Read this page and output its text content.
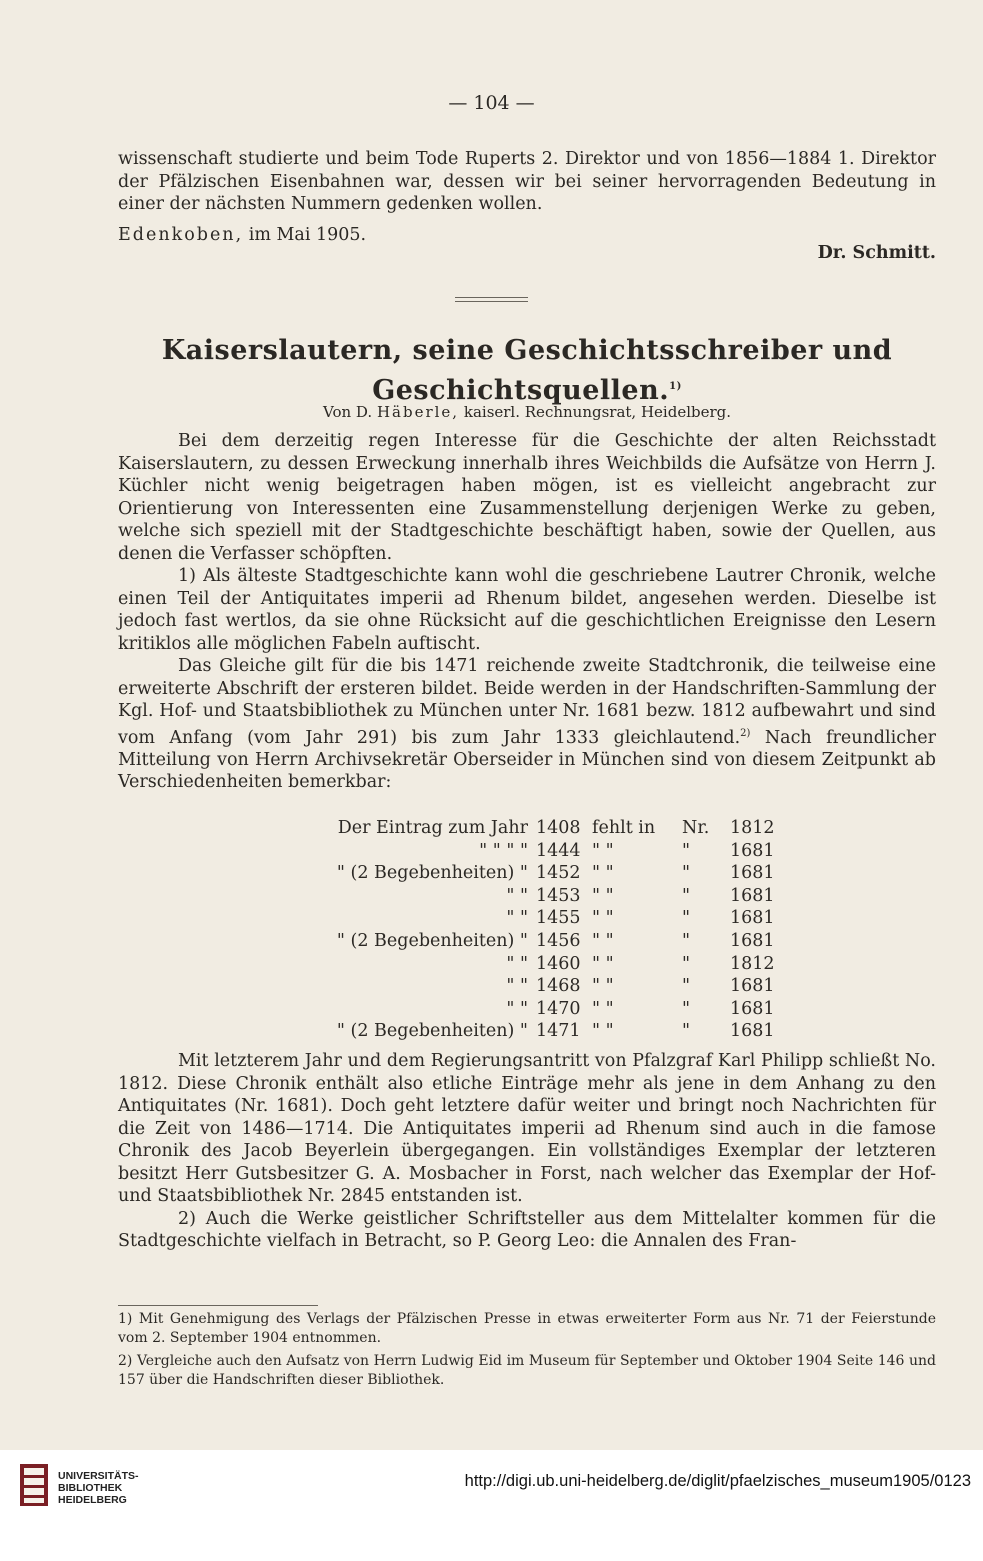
— 104 —

wissenschaft studierte und beim Tode Ruperts 2. Direktor und von 1856—1884 1. Direktor der Pfälzischen Eisenbahnen war, dessen wir bei seiner hervorragenden Bedeutung in einer der nächsten Nummern gedenken wollen.

Edenkoben, im Mai 1905.

Dr. Schmitt.

Kaiserslautern, seine Geschichtsschreiber und
Geschichtsquellen.$^{1)}$
Von D. Häberle, kaiserl. Rechnungsrat, Heidelberg.

Bei dem derzeitig regen Interesse für die Geschichte der alten Reichsstadt Kaiserslautern, zu dessen Erweckung innerhalb ihres Weichbilds die Aufsätze von Herrn J. Küchler nicht wenig beigetragen haben mögen, ist es vielleicht angebracht zur Orientierung von Interessenten eine Zusammenstellung derjenigen Werke zu geben, welche sich speziell mit der Stadtgeschichte beschäftigt haben, sowie der Quellen, aus denen die Verfasser schöpften.

1) Als älteste Stadtgeschichte kann wohl die geschriebene Lautrer Chronik, welche einen Teil der Antiquitates imperii ad Rhenum bildet, angesehen werden. Dieselbe ist jedoch fast wertlos, da sie ohne Rücksicht auf die geschichtlichen Ereignisse den Lesern kritiklos alle möglichen Fabeln auftischt.

Das Gleiche gilt für die bis 1471 reichende zweite Stadtchronik, die teilweise eine erweiterte Abschrift der ersteren bildet. Beide werden in der Handschriften-Sammlung der Kgl. Hof- und Staatsbibliothek zu München unter Nr. 1681 bezw. 1812 aufbewahrt und sind vom Anfang (vom Jahr 291) bis zum Jahr 1333 gleichlautend.$^{2)}$ Nach freundlicher Mitteilung von Herrn Archivsekretär Oberseider in München sind von diesem Zeitpunkt ab Verschiedenheiten bemerkbar:

Der Eintrag zum Jahr 1408 fehlt in	Nr.	1812
" " " " 1444 " "	"	1681
" (2 Begebenheiten) " 1452 " "	"	1681
" " 1453 " "	"	1681
" " 1455 " "	"	1681
" (2 Begebenheiten) " 1456 " "	"	1681
" " 1460 " "	"	1812
" " 1468 " "	"	1681
" " 1470 " "	"	1681
" (2 Begebenheiten) " 1471 " "	"	1681

Mit letzterem Jahr und dem Regierungsantritt von Pfalzgraf Karl Philipp schließt No. 1812. Diese Chronik enthält also etliche Einträge mehr als jene in dem Anhang zu den Antiquitates (Nr. 1681). Doch geht letztere dafür weiter und bringt noch Nachrichten für die Zeit von 1486—1714. Die Antiquitates imperii ad Rhenum sind auch in die famose Chronik des Jacob Beyerlein übergegangen. Ein vollständiges Exemplar der letzteren besitzt Herr Gutsbesitzer G. A. Mosbacher in Forst, nach welcher das Exemplar der Hof- und Staatsbibliothek Nr. 2845 entstanden ist.

2) Auch die Werke geistlicher Schriftsteller aus dem Mittelalter kommen für die Stadtgeschichte vielfach in Betracht, so P. Georg Leo: die Annalen des Fran-

1) Mit Genehmigung des Verlags der Pfälzischen Presse in etwas erweiterter Form aus Nr. 71 der Feierstunde vom 2. September 1904 entnommen.
2) Vergleiche auch den Aufsatz von Herrn Ludwig Eid im Museum für September und Oktober 1904 Seite 146 und 157 über die Handschriften dieser Bibliothek.
UNIVERSITÄTS-
BIBLIOTHEK
HEIDELBERG
http://digi.ub.uni-heidelberg.de/diglit/pfaelzisches_museum1905/0123
